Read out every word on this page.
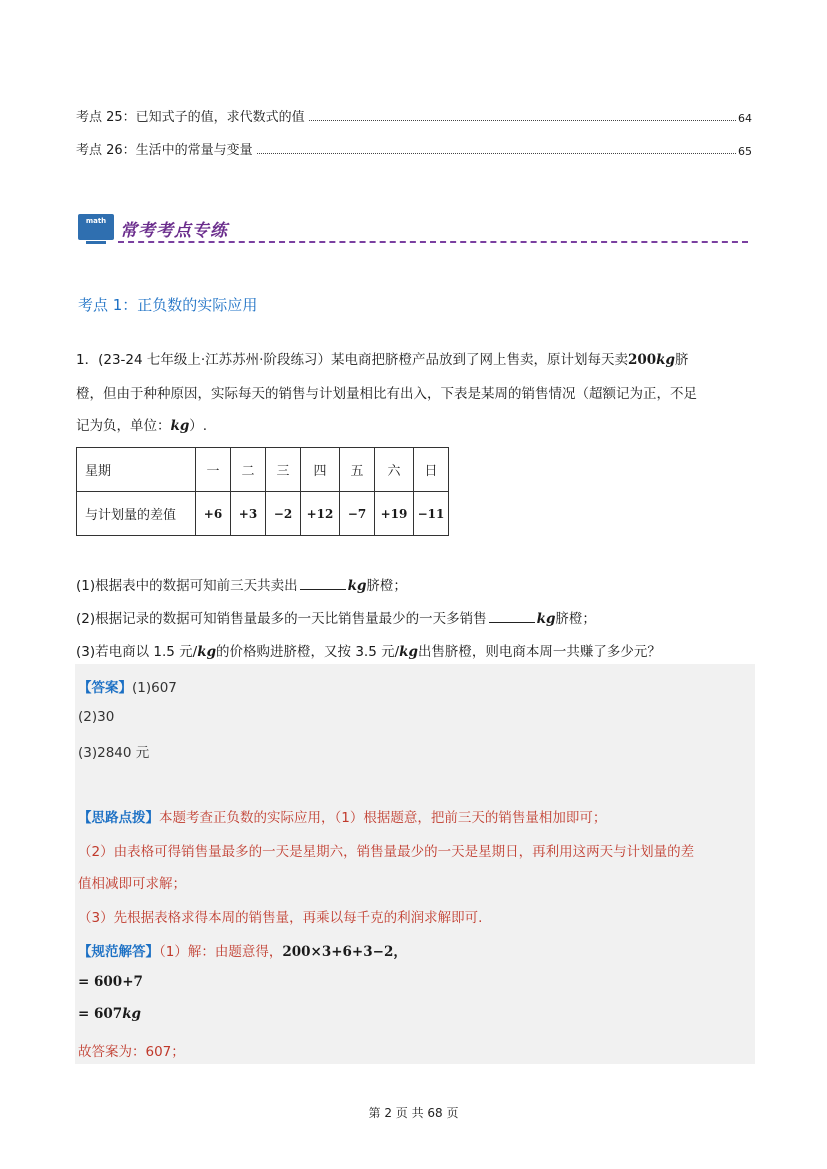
考点 25：已知式子的值，求代数式的值	64
考点 26：生活中的常量与变量	65
math 常考考点专练
考点 1：正负数的实际应用
1．(23-24 七年级上·江苏苏州·阶段练习）某电商把脐橙产品放到了网上售卖，原计划每天卖200kg脐
橙，但由于种种原因，实际每天的销售与计划量相比有出入，下表是某周的销售情况（超额记为正，不足
记为负，单位：kg）.
星期	一	二	三	四	五	六	日
与计划量的差值	+6	+3	−2	+12	−7	+19	−11
(1)根据表中的数据可知前三天共卖出	kg脐橙；
(2)根据记录的数据可知销售量最多的一天比销售量最少的一天多销售	kg脐橙；
(3)若电商以 1.5 元/kg的价格购进脐橙，又按 3.5 元/kg出售脐橙，则电商本周一共赚了多少元？
【答案】(1)607
(2)30
(3)2840 元
【思路点拨】本题考查正负数的实际应用，（1）根据题意，把前三天的销售量相加即可；
（2）由表格可得销售量最多的一天是星期六，销售量最少的一天是星期日，再利用这两天与计划量的差
值相减即可求解；
（3）先根据表格求得本周的销售量，再乘以每千克的利润求解即可.
【规范解答】（1）解：由题意得，200×3+6+3−2，
= 600+7
= 607kg
故答案为：607；
第 2 页 共 68 页
